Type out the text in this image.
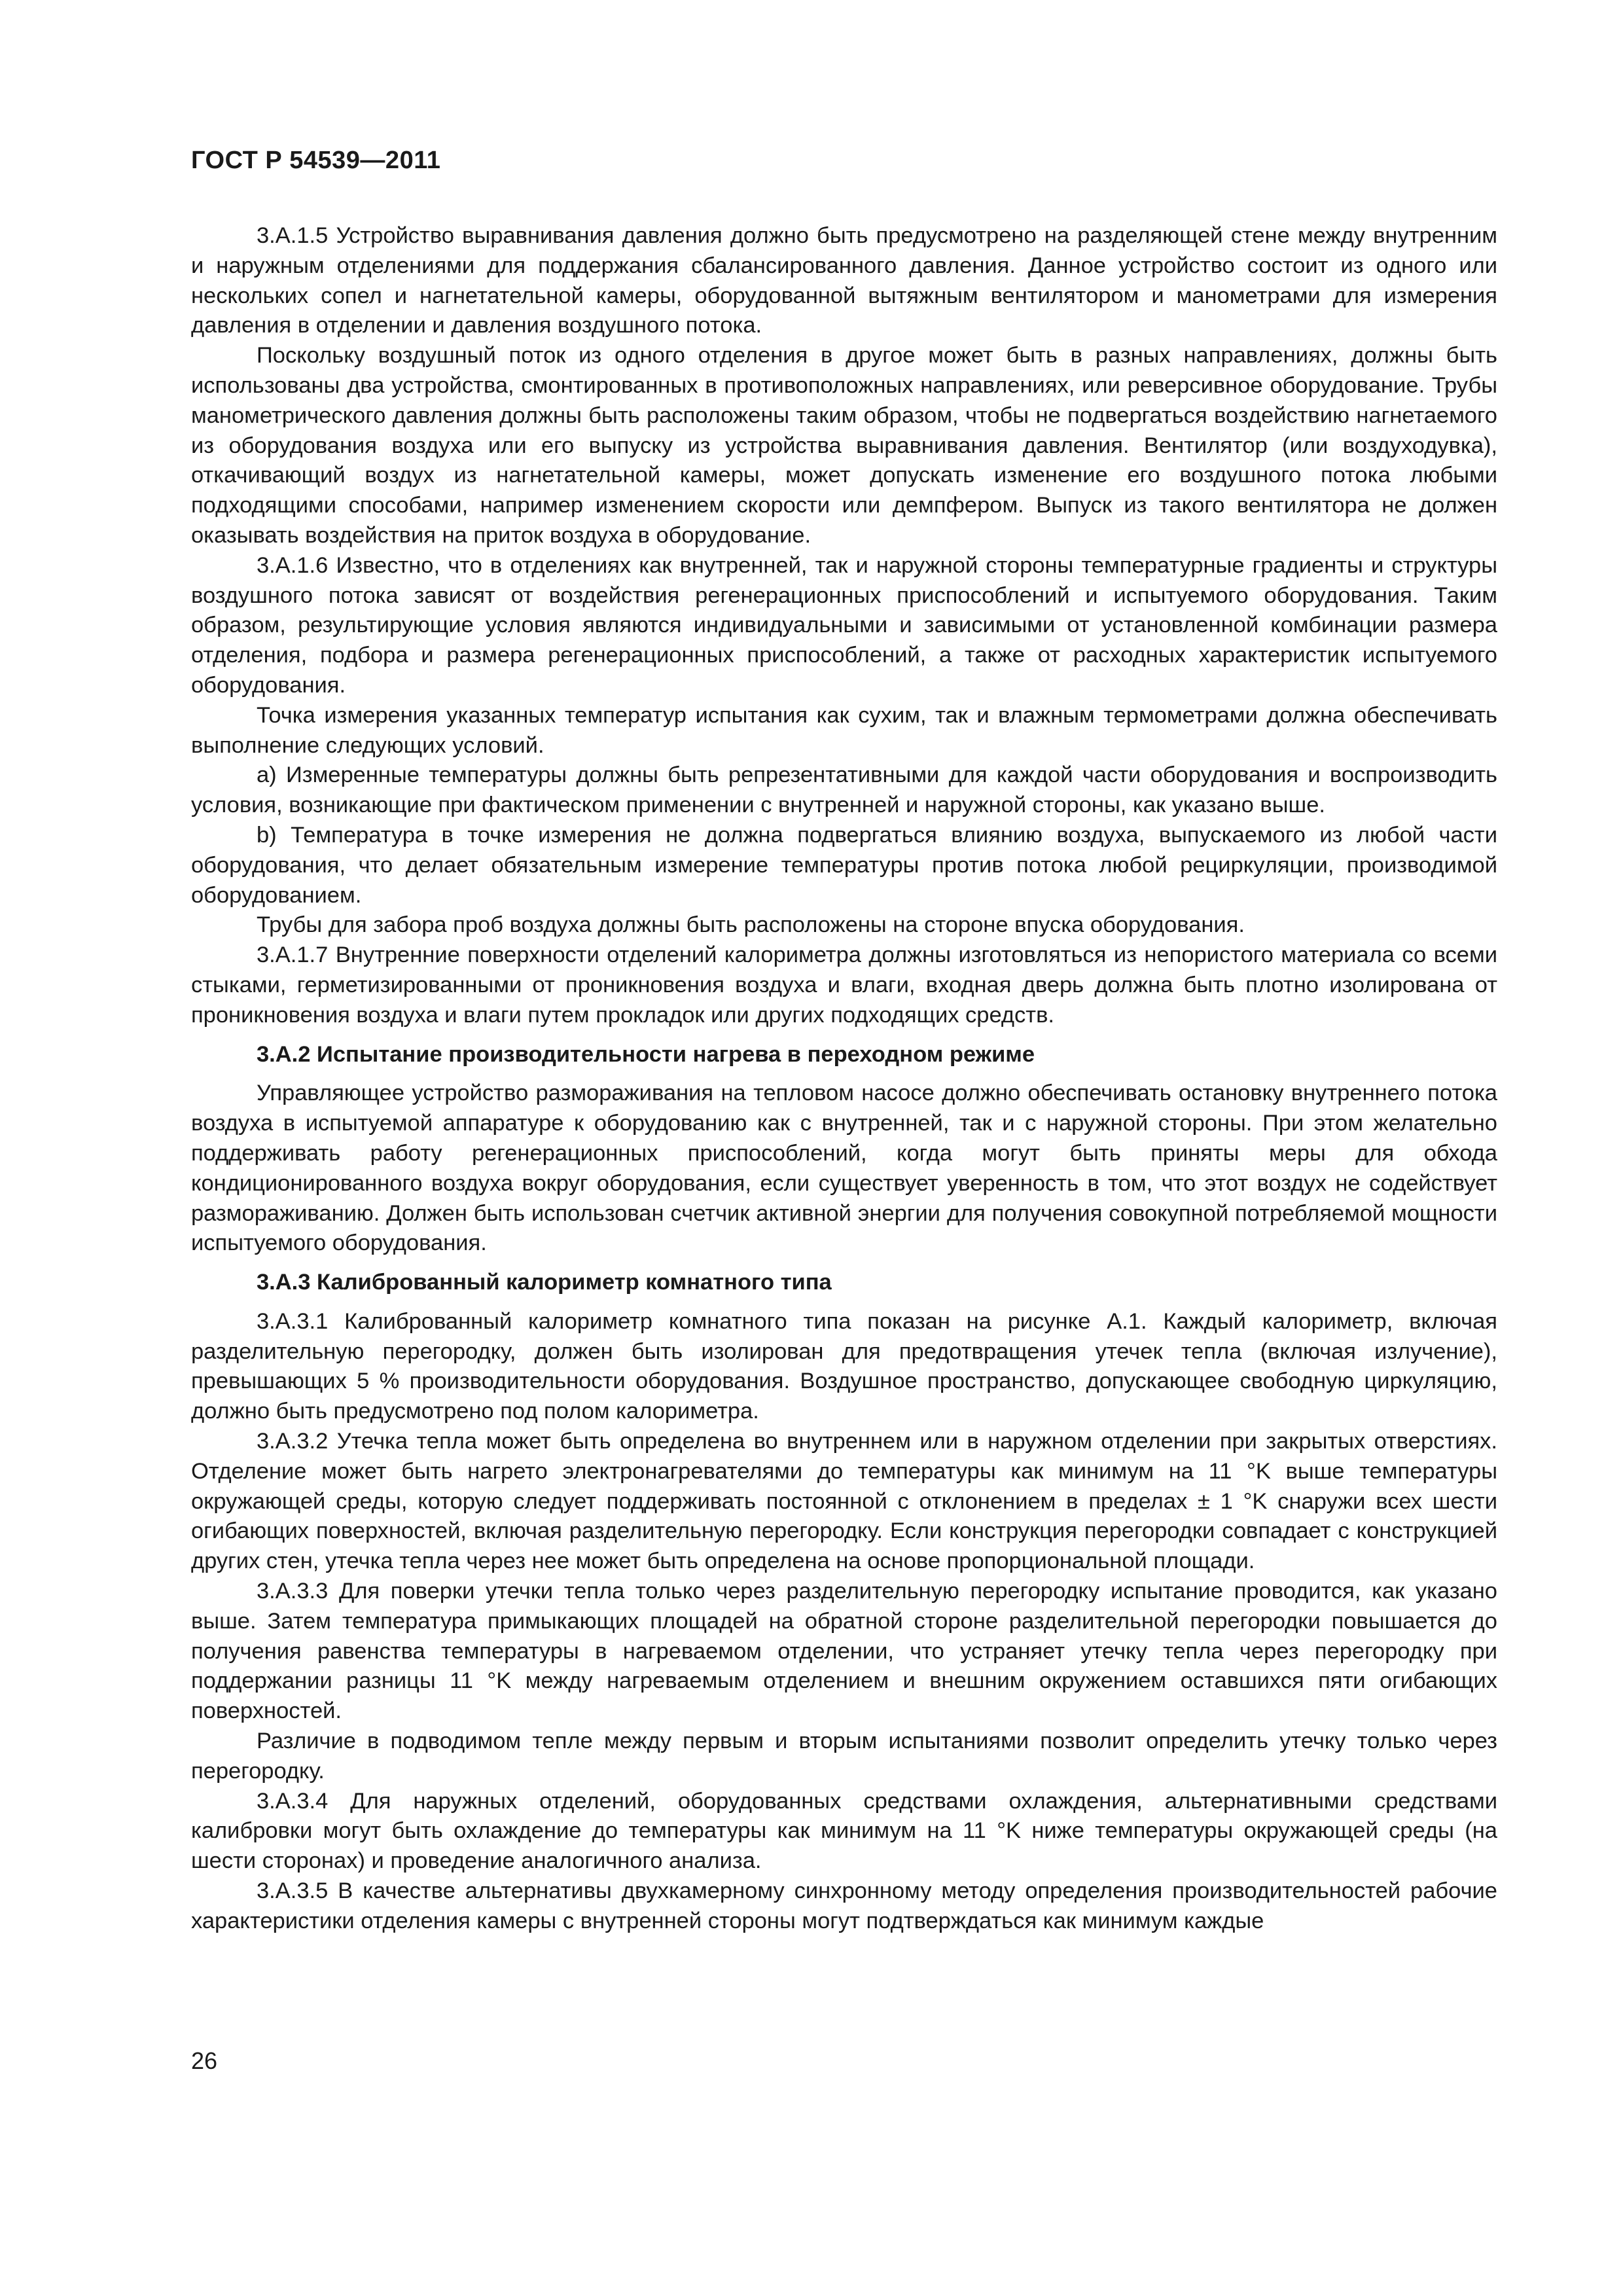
ГОСТ Р 54539—2011

3.А.1.5 Устройство выравнивания давления должно быть предусмотрено на разделяющей стене между внутренним и наружным отделениями для поддержания сбалансированного давления. Данное устройство состоит из одного или нескольких сопел и нагнетательной камеры, оборудованной вытяжным вентилятором и манометрами для измерения давления в отделении и давления воздушного потока.

Поскольку воздушный поток из одного отделения в другое может быть в разных направлениях, должны быть использованы два устройства, смонтированных в противоположных направлениях, или реверсивное оборудование. Трубы манометрического давления должны быть расположены таким образом, чтобы не подвергаться воздействию нагнетаемого из оборудования воздуха или его выпуску из устройства выравнивания давления. Вентилятор (или воздуходувка), откачивающий воздух из нагнетательной камеры, может допускать изменение его воздушного потока любыми подходящими способами, например изменением скорости или демпфером. Выпуск из такого вентилятора не должен оказывать воздействия на приток воздуха в оборудование.

3.А.1.6 Известно, что в отделениях как внутренней, так и наружной стороны температурные градиенты и структуры воздушного потока зависят от воздействия регенерационных приспособлений и испытуемого оборудования. Таким образом, результирующие условия являются индивидуальными и зависимыми от установленной комбинации размера отделения, подбора и размера регенерационных приспособлений, а также от расходных характеристик испытуемого оборудования.

Точка измерения указанных температур испытания как сухим, так и влажным термометрами должна обеспечивать выполнение следующих условий.

а) Измеренные температуры должны быть репрезентативными для каждой части оборудования и воспроизводить условия, возникающие при фактическом применении с внутренней и наружной стороны, как указано выше.

b) Температура в точке измерения не должна подвергаться влиянию воздуха, выпускаемого из любой части оборудования, что делает обязательным измерение температуры против потока любой рециркуляции, производимой оборудованием.

Трубы для забора проб воздуха должны быть расположены на стороне впуска оборудования.

3.А.1.7 Внутренние поверхности отделений калориметра должны изготовляться из непористого материала со всеми стыками, герметизированными от проникновения воздуха и влаги, входная дверь должна быть плотно изолирована от проникновения воздуха и влаги путем прокладок или других подходящих средств.

3.А.2 Испытание производительности нагрева в переходном режиме

Управляющее устройство размораживания на тепловом насосе должно обеспечивать остановку внутреннего потока воздуха в испытуемой аппаратуре к оборудованию как с внутренней, так и с наружной стороны. При этом желательно поддерживать работу регенерационных приспособлений, когда могут быть приняты меры для обхода кондиционированного воздуха вокруг оборудования, если существует уверенность в том, что этот воздух не содействует размораживанию. Должен быть использован счетчик активной энергии для получения совокупной потребляемой мощности испытуемого оборудования.

3.А.3 Калиброванный калориметр комнатного типа

3.А.3.1 Калиброванный калориметр комнатного типа показан на рисунке А.1. Каждый калориметр, включая разделительную перегородку, должен быть изолирован для предотвращения утечек тепла (включая излучение), превышающих 5 % производительности оборудования. Воздушное пространство, допускающее свободную циркуляцию, должно быть предусмотрено под полом калориметра.

3.А.3.2 Утечка тепла может быть определена во внутреннем или в наружном отделении при закрытых отверстиях. Отделение может быть нагрето электронагревателями до температуры как минимум на 11 °K выше температуры окружающей среды, которую следует поддерживать постоянной с отклонением в пределах ± 1 °K снаружи всех шести огибающих поверхностей, включая разделительную перегородку. Если конструкция перегородки совпадает с конструкцией других стен, утечка тепла через нее может быть определена на основе пропорциональной площади.

3.А.3.3 Для поверки утечки тепла только через разделительную перегородку испытание проводится, как указано выше. Затем температура примыкающих площадей на обратной стороне разделительной перегородки повышается до получения равенства температуры в нагреваемом отделении, что устраняет утечку тепла через перегородку при поддержании разницы 11 °K между нагреваемым отделением и внешним окружением оставшихся пяти огибающих поверхностей.

Различие в подводимом тепле между первым и вторым испытаниями позволит определить утечку только через перегородку.

3.А.3.4 Для наружных отделений, оборудованных средствами охлаждения, альтернативными средствами калибровки могут быть охлаждение до температуры как минимум на 11 °K ниже температуры окружающей среды (на шести сторонах) и проведение аналогичного анализа.

3.А.3.5 В качестве альтернативы двухкамерному синхронному методу определения производительностей рабочие характеристики отделения камеры с внутренней стороны могут подтверждаться как минимум каждые

26
